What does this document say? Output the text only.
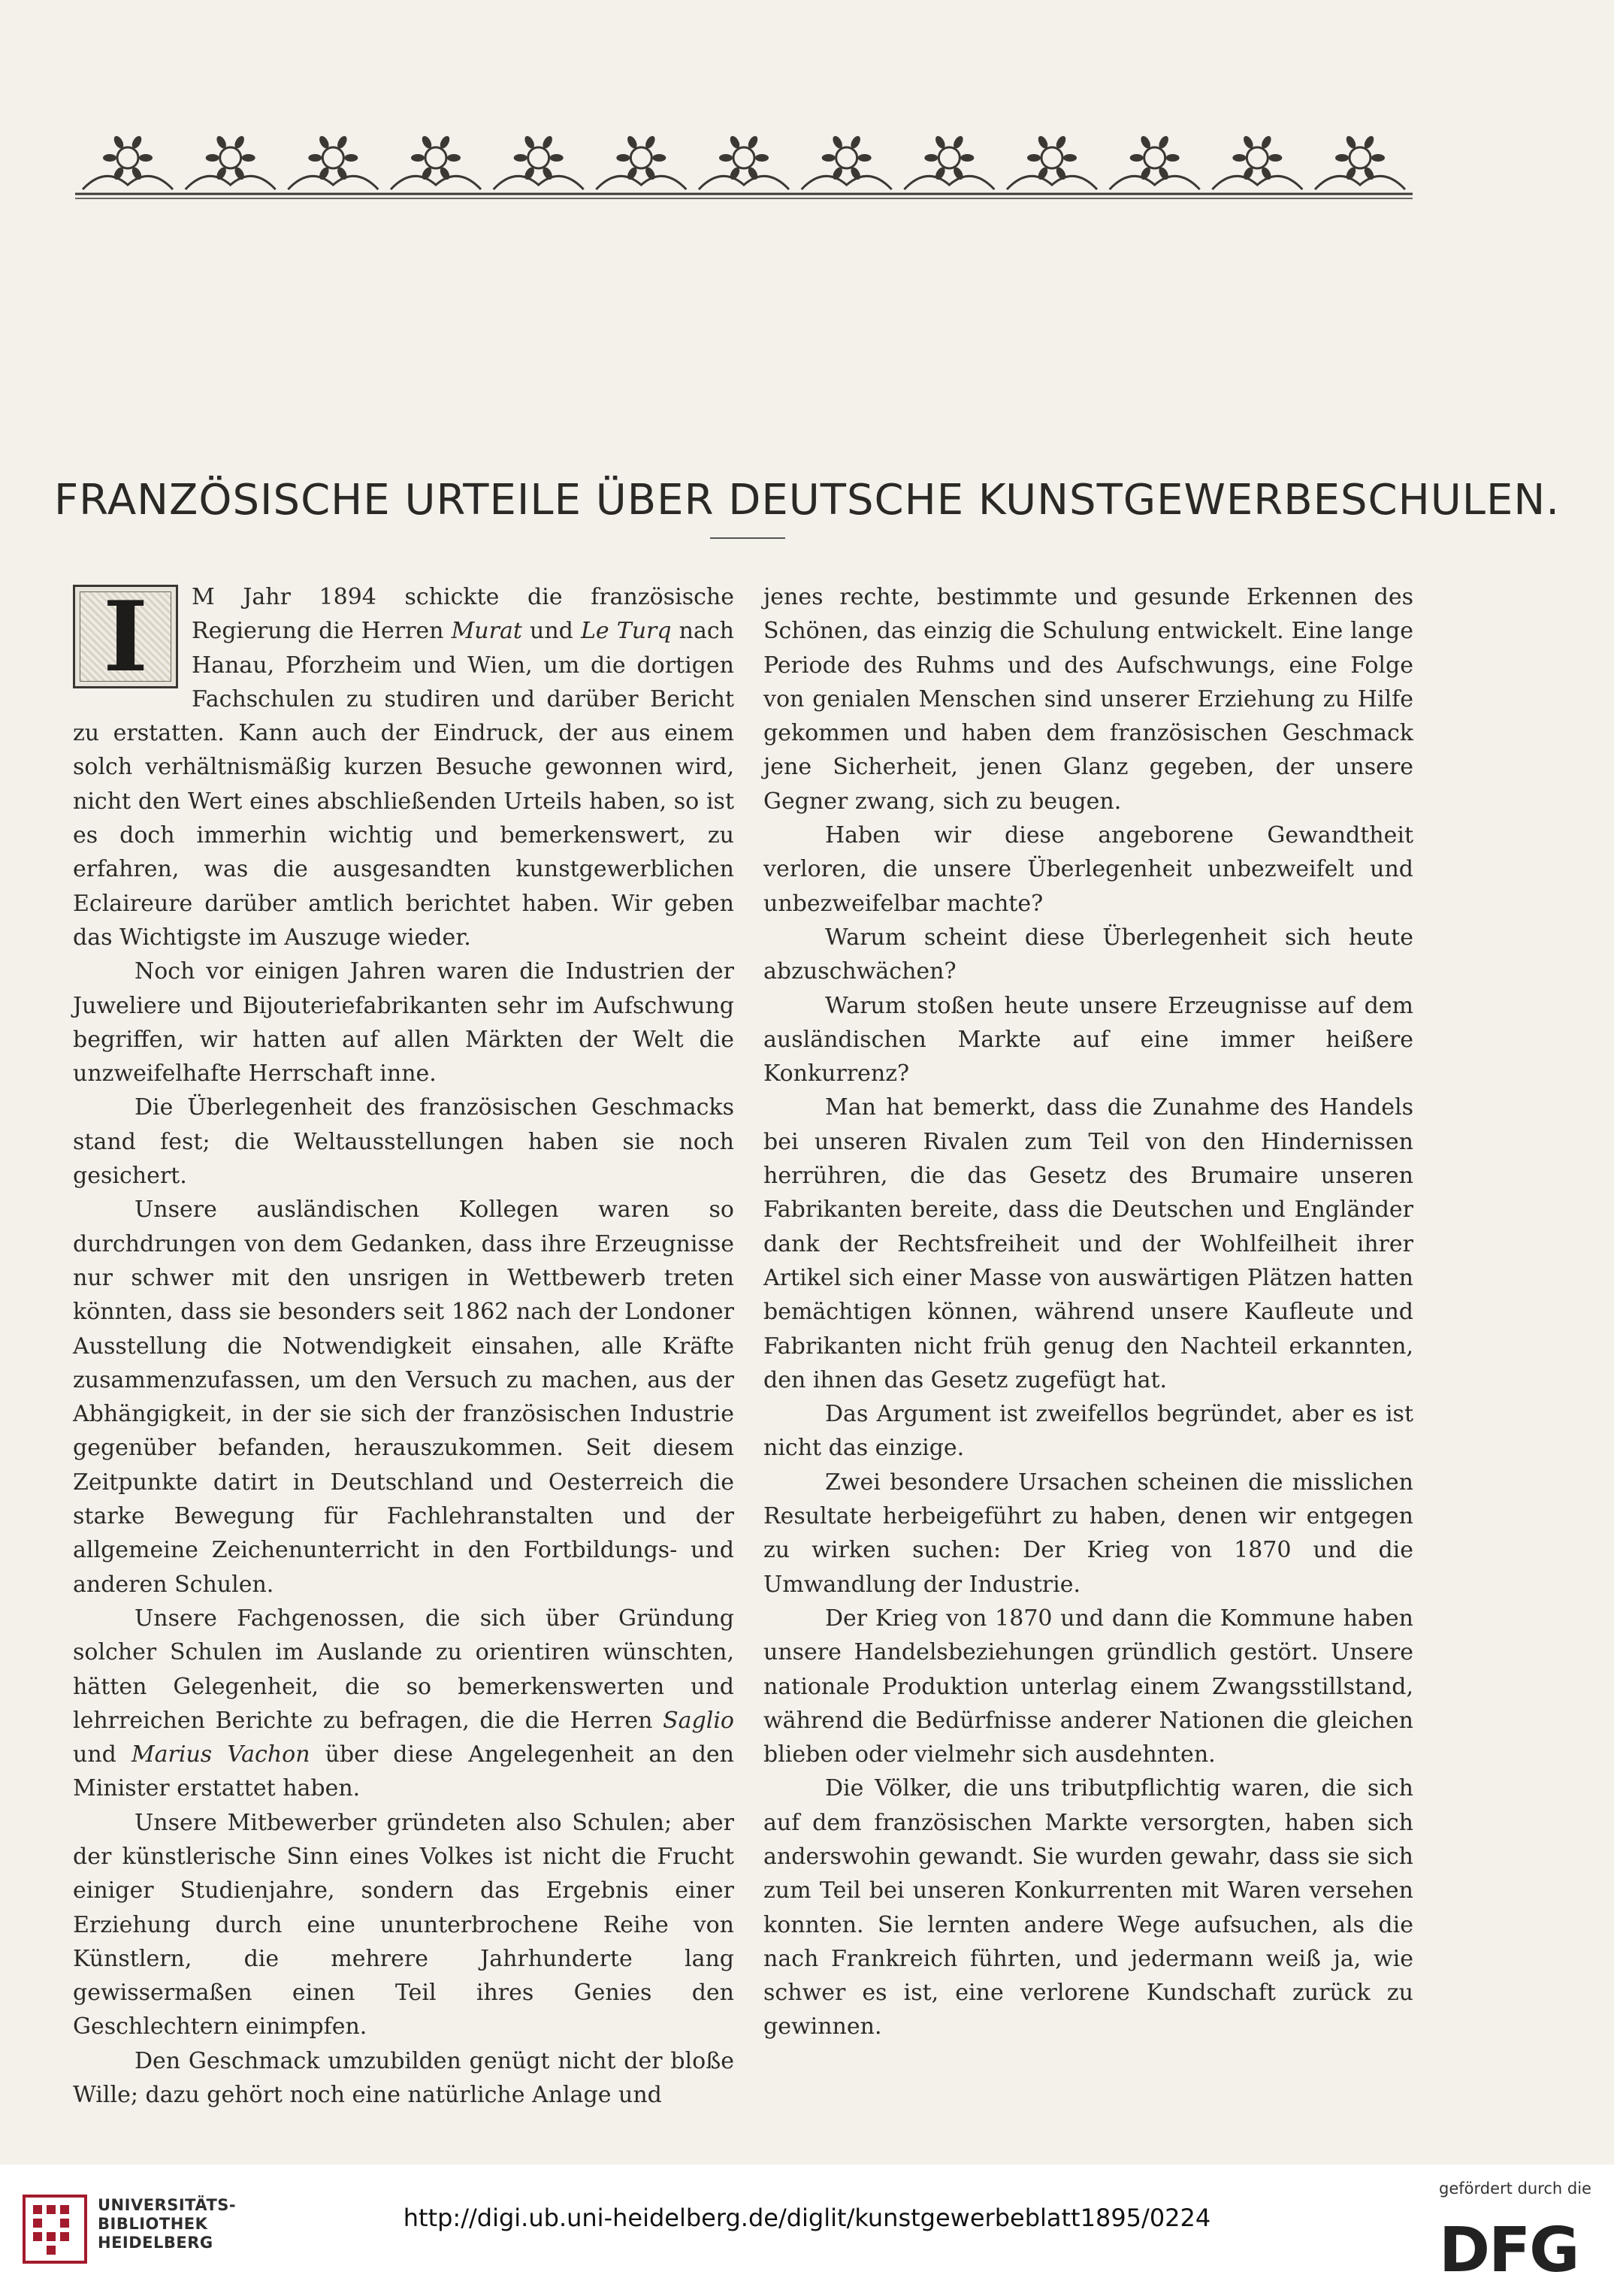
FRANZÖSISCHE URTEILE ÜBER DEUTSCHE KUNSTGEWERBESCHULEN.
I	M Jahr 1894 schickte die französische Regierung die Herren Murat und Le Turq nach Hanau, Pforzheim und Wien, um die dortigen Fachschulen zu studiren und darüber Bericht zu erstatten. Kann auch der Eindruck, der aus einem solch verhältnismäßig kurzen Besuche gewonnen wird, nicht den Wert eines abschließenden Urteils haben, so ist es doch immerhin wichtig und bemerkenswert, zu erfahren, was die ausgesandten kunstgewerblichen Eclaireure darüber amtlich berichtet haben. Wir geben das Wichtigste im Auszuge wieder.

Noch vor einigen Jahren waren die Industrien der Juweliere und Bijouteriefabrikanten sehr im Aufschwung begriffen, wir hatten auf allen Märkten der Welt die unzweifelhafte Herrschaft inne.

Die Überlegenheit des französischen Geschmacks stand fest; die Weltausstellungen haben sie noch gesichert.

Unsere ausländischen Kollegen waren so durchdrungen von dem Gedanken, dass ihre Erzeugnisse nur schwer mit den unsrigen in Wettbewerb treten könnten, dass sie besonders seit 1862 nach der Londoner Ausstellung die Notwendigkeit einsahen, alle Kräfte zusammenzufassen, um den Versuch zu machen, aus der Abhängigkeit, in der sie sich der französischen Industrie gegenüber befanden, herauszukommen. Seit diesem Zeitpunkte datirt in Deutschland und Oesterreich die starke Bewegung für Fachlehranstalten und der allgemeine Zeichenunterricht in den Fortbildungs- und anderen Schulen.

Unsere Fachgenossen, die sich über Gründung solcher Schulen im Auslande zu orientiren wünschten, hätten Gelegenheit, die so bemerkenswerten und lehrreichen Berichte zu befragen, die die Herren Saglio und Marius Vachon über diese Angelegenheit an den Minister erstattet haben.

Unsere Mitbewerber gründeten also Schulen; aber der künstlerische Sinn eines Volkes ist nicht die Frucht einiger Studienjahre, sondern das Ergebnis einer Erziehung durch eine ununterbrochene Reihe von Künstlern, die mehrere Jahrhunderte lang gewissermaßen einen Teil ihres Genies den Geschlechtern einimpfen.

Den Geschmack umzubilden genügt nicht der bloße Wille; dazu gehört noch eine natürliche Anlage und

jenes rechte, bestimmte und gesunde Erkennen des Schönen, das einzig die Schulung entwickelt. Eine lange Periode des Ruhms und des Aufschwungs, eine Folge von genialen Menschen sind unserer Erziehung zu Hilfe gekommen und haben dem französischen Geschmack jene Sicherheit, jenen Glanz gegeben, der unsere Gegner zwang, sich zu beugen.

Haben wir diese angeborene Gewandtheit verloren, die unsere Überlegenheit unbezweifelt und unbezweifelbar machte?

Warum scheint diese Überlegenheit sich heute abzuschwächen?

Warum stoßen heute unsere Erzeugnisse auf dem ausländischen Markte auf eine immer heißere Konkurrenz?

Man hat bemerkt, dass die Zunahme des Handels bei unseren Rivalen zum Teil von den Hindernissen herrühren, die das Gesetz des Brumaire unseren Fabrikanten bereite, dass die Deutschen und Engländer dank der Rechtsfreiheit und der Wohlfeilheit ihrer Artikel sich einer Masse von auswärtigen Plätzen hatten bemächtigen können, während unsere Kaufleute und Fabrikanten nicht früh genug den Nachteil erkannten, den ihnen das Gesetz zugefügt hat.

Das Argument ist zweifellos begründet, aber es ist nicht das einzige.

Zwei besondere Ursachen scheinen die misslichen Resultate herbeigeführt zu haben, denen wir entgegen zu wirken suchen: Der Krieg von 1870 und die Umwandlung der Industrie.

Der Krieg von 1870 und dann die Kommune haben unsere Handelsbeziehungen gründlich gestört. Unsere nationale Produktion unterlag einem Zwangsstillstand, während die Bedürfnisse anderer Nationen die gleichen blieben oder vielmehr sich ausdehnten.

Die Völker, die uns tributpflichtig waren, die sich auf dem französischen Markte versorgten, haben sich anderswohin gewandt. Sie wurden gewahr, dass sie sich zum Teil bei unseren Konkurrenten mit Waren versehen konnten. Sie lernten andere Wege aufsuchen, als die nach Frankreich führten, und jedermann weiß ja, wie schwer es ist, eine verlorene Kundschaft zurück zu gewinnen.

UNIVERSITÄTS-
BIBLIOTHEK
HEIDELBERG
http://digi.ub.uni-heidelberg.de/diglit/kunstgewerbeblatt1895/0224
gefördert durch die
DFG
